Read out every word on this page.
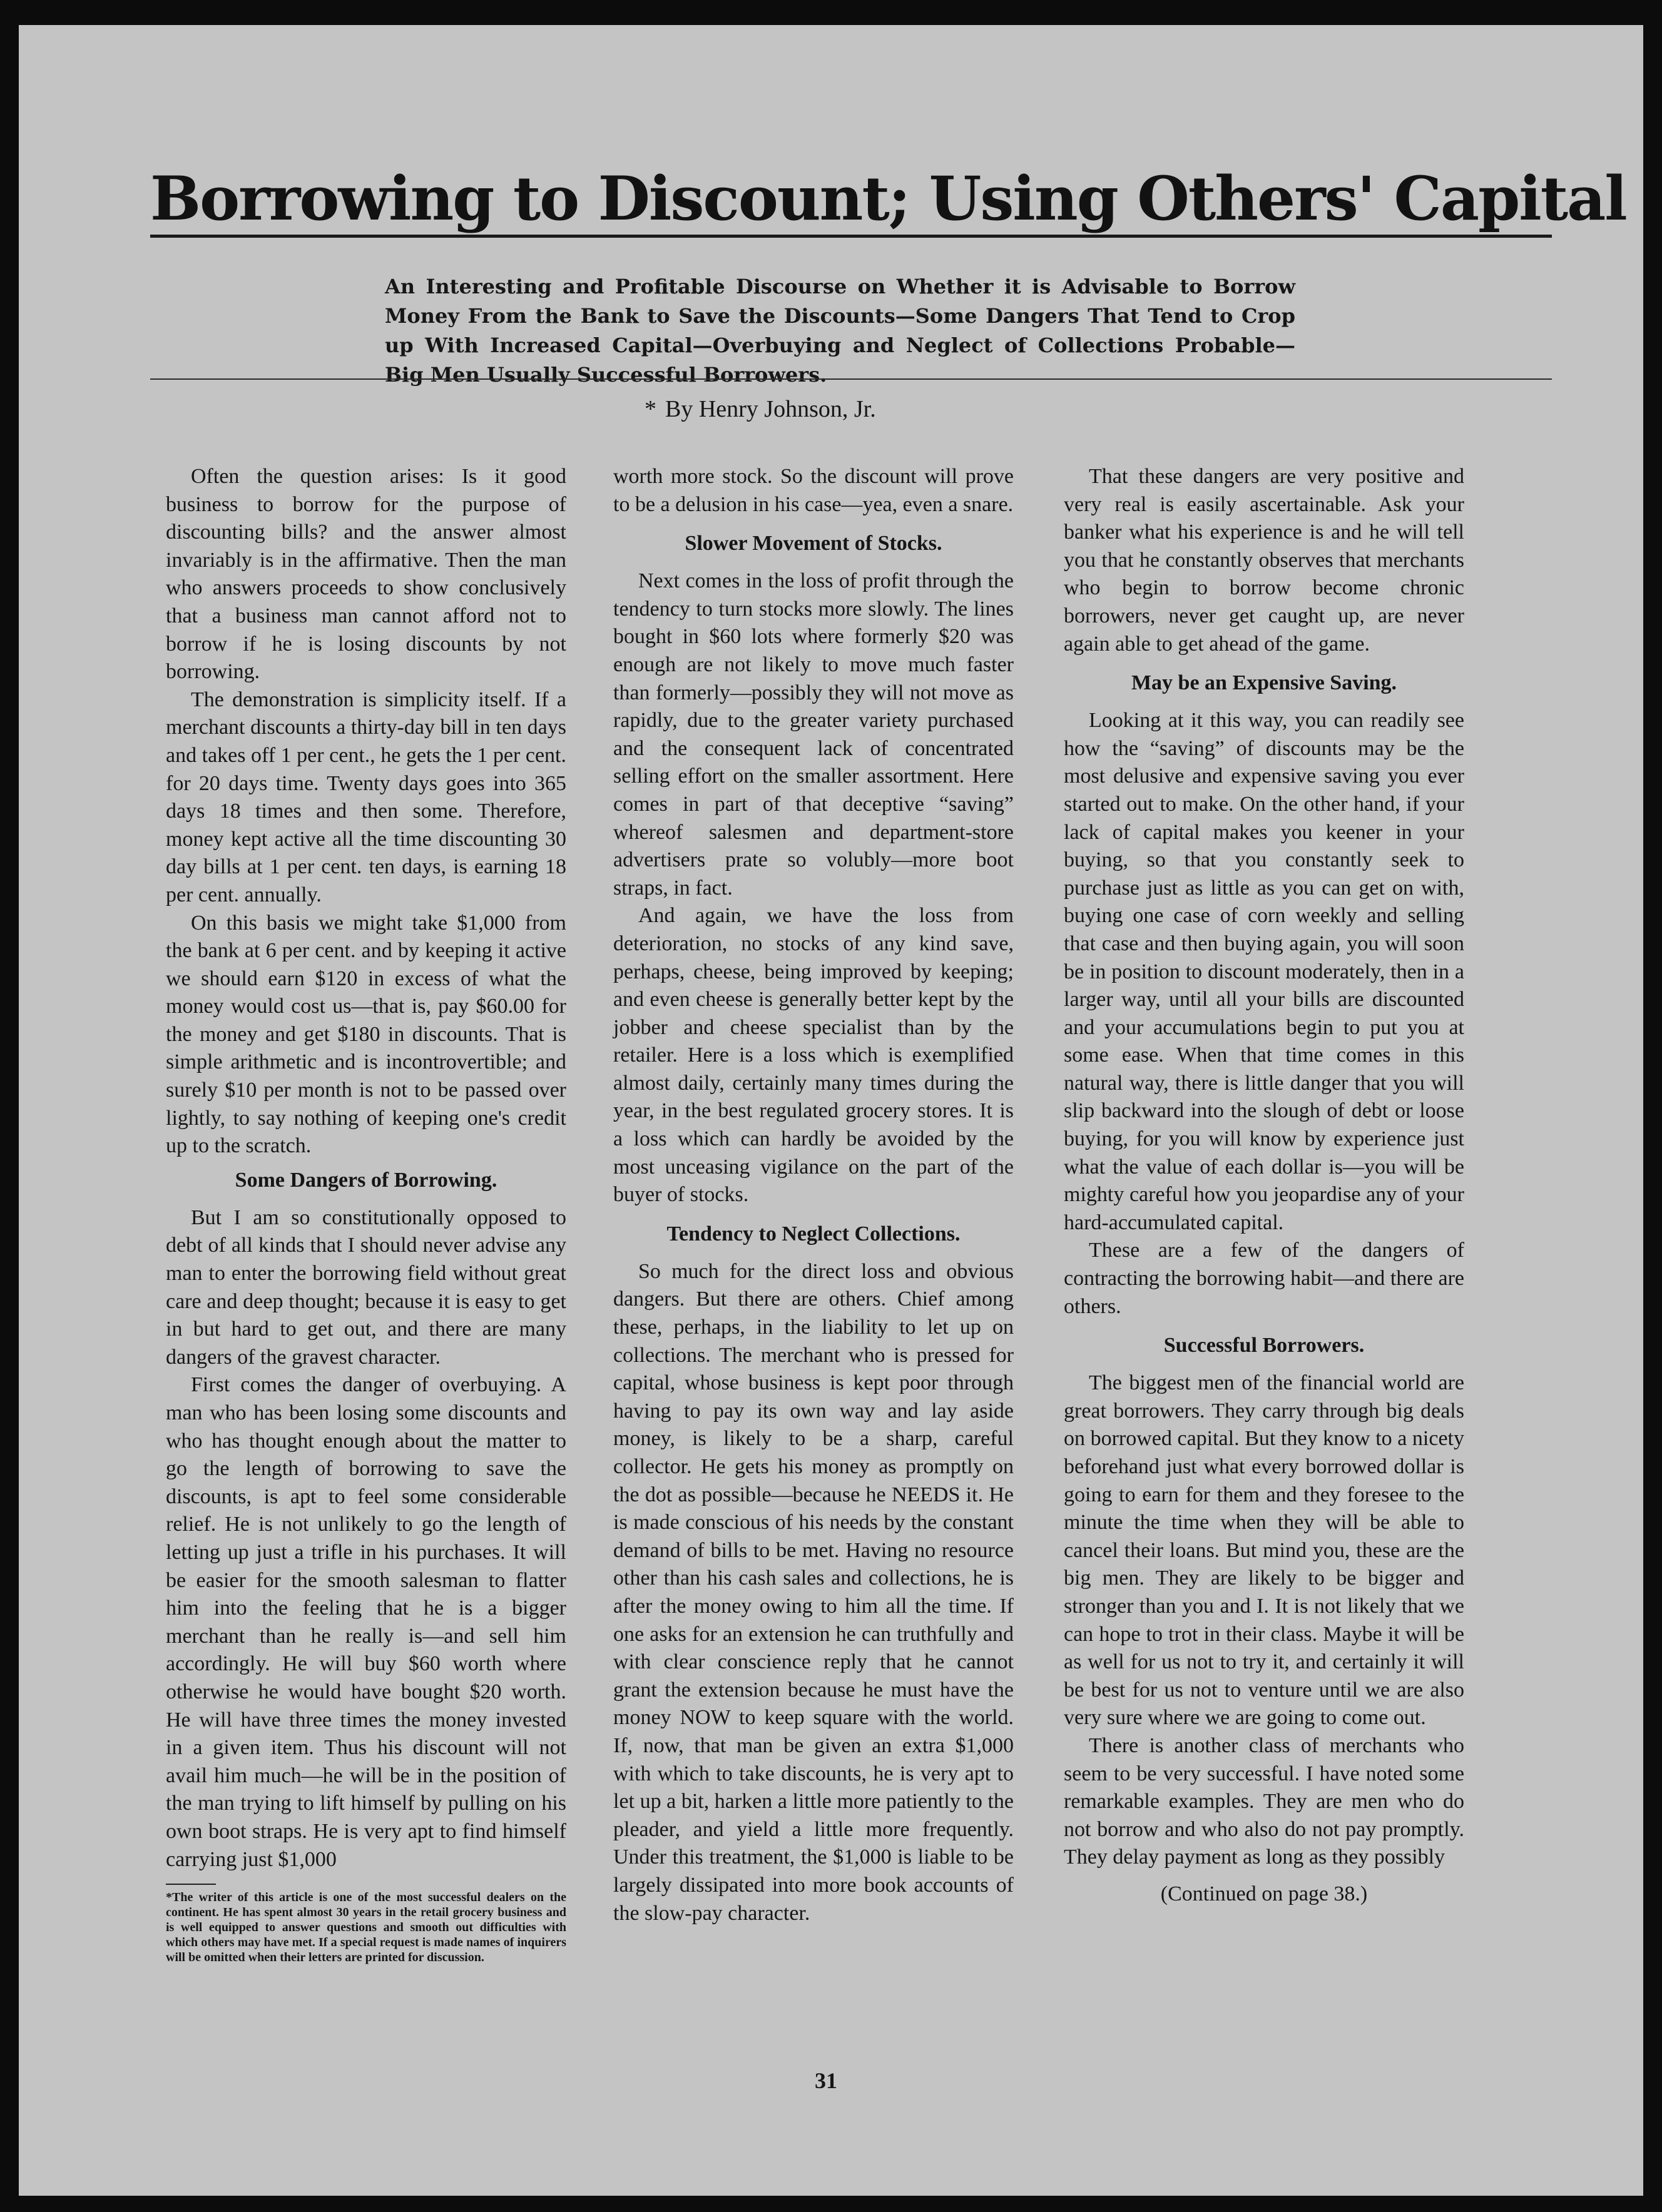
Borrowing to Discount; Using Others' Capital

An Interesting and Profitable Discourse on Whether it is Advisable to Borrow Money From the Bank to Save the Discounts—Some Dangers That Tend to Crop up With Increased Capital—Overbuying and Neglect of Collections Probable—Big Men Usually Successful Borrowers.

* By Henry Johnson, Jr.

Often the question arises: Is it good business to borrow for the purpose of discounting bills? and the answer almost invariably is in the affirmative. Then the man who answers proceeds to show conclusively that a business man cannot afford not to borrow if he is losing discounts by not borrowing.

The demonstration is simplicity itself. If a merchant discounts a thirty-day bill in ten days and takes off 1 per cent., he gets the 1 per cent. for 20 days time. Twenty days goes into 365 days 18 times and then some. Therefore, money kept active all the time discounting 30 day bills at 1 per cent. ten days, is earning 18 per cent. annually.

On this basis we might take $1,000 from the bank at 6 per cent. and by keeping it active we should earn $120 in excess of what the money would cost us—that is, pay $60.00 for the money and get $180 in discounts. That is simple arithmetic and is incontrovertible; and surely $10 per month is not to be passed over lightly, to say nothing of keeping one's credit up to the scratch.

Some Dangers of Borrowing.

But I am so constitutionally opposed to debt of all kinds that I should never advise any man to enter the borrowing field without great care and deep thought; because it is easy to get in but hard to get out, and there are many dangers of the gravest character.

First comes the danger of overbuying. A man who has been losing some discounts and who has thought enough about the matter to go the length of borrowing to save the discounts, is apt to feel some considerable relief. He is not unlikely to go the length of letting up just a trifle in his purchases. It will be easier for the smooth salesman to flatter him into the feeling that he is a bigger merchant than he really is—and sell him accordingly. He will buy $60 worth where otherwise he would have bought $20 worth. He will have three times the money invested in a given item. Thus his discount will not avail him much—he will be in the position of the man trying to lift himself by pulling on his own boot straps. He is very apt to find himself carrying just $1,000

*The writer of this article is one of the most successful dealers on the continent. He has spent almost 30 years in the retail grocery business and is well equipped to answer questions and smooth out difficulties with which others may have met. If a special request is made names of inquirers will be omitted when their letters are printed for discussion.

worth more stock. So the discount will prove to be a delusion in his case—yea, even a snare.

Slower Movement of Stocks.

Next comes in the loss of profit through the tendency to turn stocks more slowly. The lines bought in $60 lots where formerly $20 was enough are not likely to move much faster than formerly—possibly they will not move as rapidly, due to the greater variety purchased and the consequent lack of concentrated selling effort on the smaller assortment. Here comes in part of that deceptive “saving” whereof salesmen and department-store advertisers prate so volubly—more boot straps, in fact.

And again, we have the loss from deterioration, no stocks of any kind save, perhaps, cheese, being improved by keeping; and even cheese is generally better kept by the jobber and cheese specialist than by the retailer. Here is a loss which is exemplified almost daily, certainly many times during the year, in the best regulated grocery stores. It is a loss which can hardly be avoided by the most unceasing vigilance on the part of the buyer of stocks.

Tendency to Neglect Collections.

So much for the direct loss and obvious dangers. But there are others. Chief among these, perhaps, in the liability to let up on collections. The merchant who is pressed for capital, whose business is kept poor through having to pay its own way and lay aside money, is likely to be a sharp, careful collector. He gets his money as promptly on the dot as possible—because he NEEDS it. He is made conscious of his needs by the constant demand of bills to be met. Having no resource other than his cash sales and collections, he is after the money owing to him all the time. If one asks for an extension he can truthfully and with clear conscience reply that he cannot grant the extension because he must have the money NOW to keep square with the world. If, now, that man be given an extra $1,000 with which to take discounts, he is very apt to let up a bit, harken a little more patiently to the pleader, and yield a little more frequently. Under this treatment, the $1,000 is liable to be largely dissipated into more book accounts of the slow-pay character.

That these dangers are very positive and very real is easily ascertainable. Ask your banker what his experience is and he will tell you that he constantly observes that merchants who begin to borrow become chronic borrowers, never get caught up, are never again able to get ahead of the game.

May be an Expensive Saving.

Looking at it this way, you can readily see how the “saving” of discounts may be the most delusive and expensive saving you ever started out to make. On the other hand, if your lack of capital makes you keener in your buying, so that you constantly seek to purchase just as little as you can get on with, buying one case of corn weekly and selling that case and then buying again, you will soon be in position to discount moderately, then in a larger way, until all your bills are discounted and your accumulations begin to put you at some ease. When that time comes in this natural way, there is little danger that you will slip backward into the slough of debt or loose buying, for you will know by experience just what the value of each dollar is—you will be mighty careful how you jeopardise any of your hard-accumulated capital.

These are a few of the dangers of contracting the borrowing habit—and there are others.

Successful Borrowers.

The biggest men of the financial world are great borrowers. They carry through big deals on borrowed capital. But they know to a nicety beforehand just what every borrowed dollar is going to earn for them and they foresee to the minute the time when they will be able to cancel their loans. But mind you, these are the big men. They are likely to be bigger and stronger than you and I. It is not likely that we can hope to trot in their class. Maybe it will be as well for us not to try it, and certainly it will be best for us not to venture until we are also very sure where we are going to come out.

There is another class of merchants who seem to be very successful. I have noted some remarkable examples. They are men who do not borrow and who also do not pay promptly. They delay payment as long as they possibly

(Continued on page 38.)

31
